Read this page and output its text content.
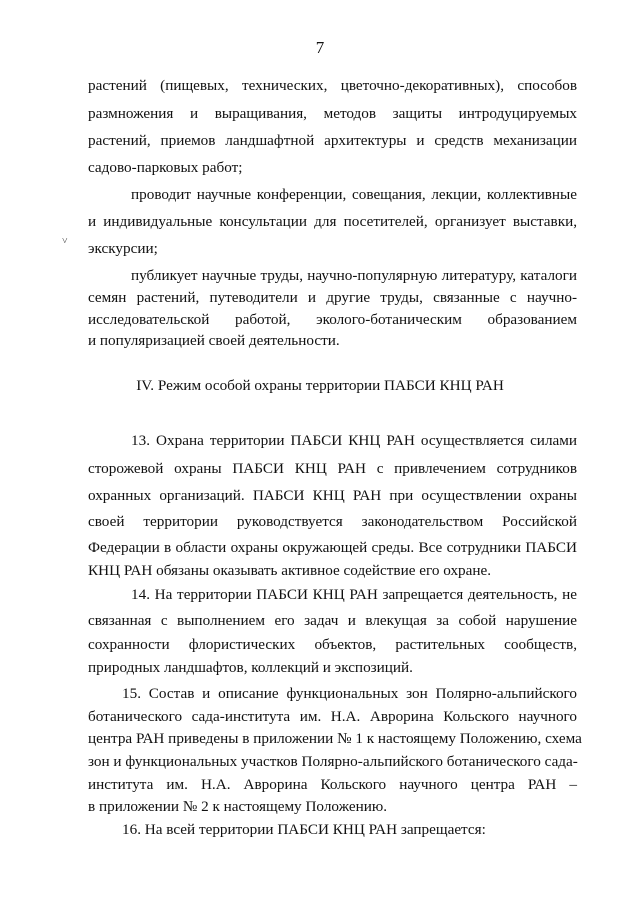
7
˅
растений (пищевых, технических, цветочно-декоративных), способов
размножения и выращивания, методов защиты интродуцируемых
растений, приемов ландшафтной архитектуры и средств механизации
садово-парковых работ;
проводит научные конференции, совещания, лекции, коллективные
и индивидуальные консультации для посетителей, организует выставки,
экскурсии;
публикует научные труды, научно-популярную литературу, каталоги
семян растений, путеводители и другие труды, связанные с научно-
исследовательской работой, эколого-ботаническим образованием
и популяризацией своей деятельности.
IV. Режим особой охраны территории ПАБСИ КНЦ РАН
13. Охрана территории ПАБСИ КНЦ РАН осуществляется силами
сторожевой охраны ПАБСИ КНЦ РАН с привлечением сотрудников
охранных организаций. ПАБСИ КНЦ РАН при осуществлении охраны
своей территории руководствуется законодательством Российской
Федерации в области охраны окружающей среды. Все сотрудники ПАБСИ
КНЦ РАН обязаны оказывать активное содействие его охране.
14. На территории ПАБСИ КНЦ РАН запрещается деятельность, не
связанная с выполнением его задач и влекущая за собой нарушение
сохранности флористических объектов, растительных сообществ,
природных ландшафтов, коллекций и экспозиций.
15. Состав и описание функциональных зон Полярно-альпийского
ботанического сада-института им. Н.А. Аврорина Кольского научного
центра РАН приведены в приложении № 1 к настоящему Положению, схема
зон и функциональных участков Полярно-альпийского ботанического сада-
института им. Н.А. Аврорина Кольского научного центра РАН –
в приложении № 2 к настоящему Положению.
16. На всей территории ПАБСИ КНЦ РАН запрещается:
